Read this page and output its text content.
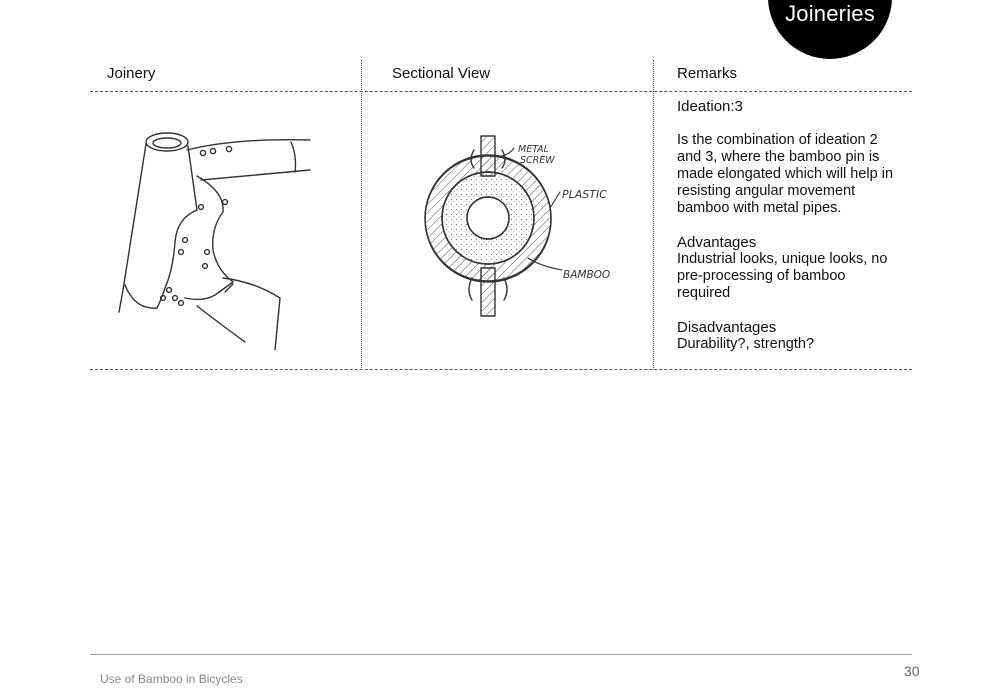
Joineries
Joinery	Sectional View	Remarks
METAL
SCREW
PLASTIC
BAMBOO

Ideation:3

Is the combination of ideation 2 and 3, where the bamboo pin is made elongated which will help in resisting angular movement bamboo with metal pipes.

Advantages

Industrial looks, unique looks, no pre-processing of bamboo required

Disadvantages

Durability?, strength?

Use of Bamboo in Bicycles	30
